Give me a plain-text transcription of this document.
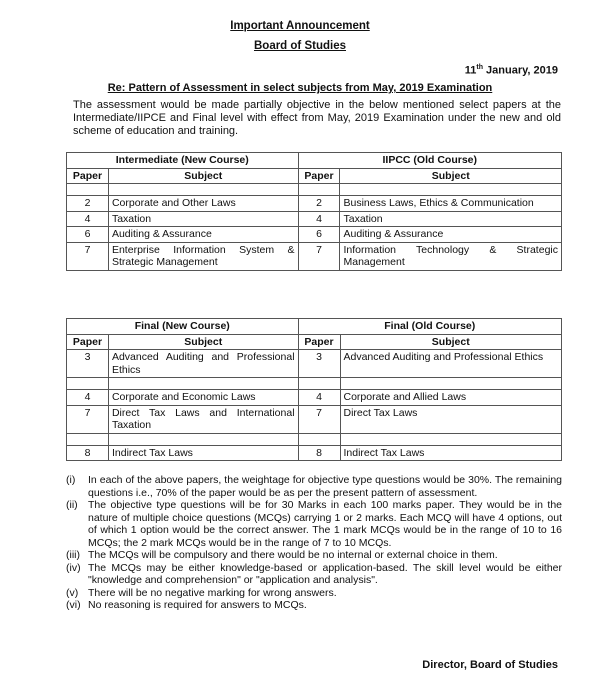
Important Announcement
Board of Studies
11th January, 2019
Re: Pattern of Assessment in select subjects from May, 2019 Examination
The assessment would be made partially objective in the below mentioned select papers at the Intermediate/IIPCE and Final level with effect from May, 2019 Examination under the new and old scheme of education and training.
Intermediate (New Course)		IIPCC (Old Course)	
Paper	Subject	Paper	Subject

2	Corporate and Other Laws	2	Business Laws, Ethics & Communication
4	Taxation	4	Taxation
6	Auditing & Assurance	6	Auditing & Assurance
7	Enterprise Information System & Strategic Management	7	Information Technology & Strategic Management
Final (New Course)		Final (Old Course)	
Paper	Subject	Paper	Subject
3	Advanced Auditing and Professional Ethics	3	Advanced Auditing and Professional Ethics

4	Corporate and Economic Laws	4	Corporate and Allied Laws
7	Direct Tax Laws and International Taxation	7	Direct Tax Laws

8	Indirect Tax Laws	8	Indirect Tax Laws
(i)	In each of the above papers, the weightage for objective type questions would be 30%. The remaining questions i.e., 70% of the paper would be as per the present pattern of assessment.
(ii) The objective type questions will be for 30 Marks in each 100 marks paper. They would be in the nature of multiple choice questions (MCQs) carrying 1 or 2 marks. Each MCQ will have 4 options, out of which 1 option would be the correct answer. The 1 mark MCQs would be in the range of 10 to 16 MCQs; the 2 mark MCQs would be in the range of 7 to 10 MCQs.
(iii) The MCQs will be compulsory and there would be no internal or external choice in them.
(iv) The MCQs may be either knowledge-based or application-based. The skill level would be either "knowledge and comprehension" or "application and analysis".
(v) There will be no negative marking for wrong answers.
(vi) No reasoning is required for answers to MCQs.
Director, Board of Studies
